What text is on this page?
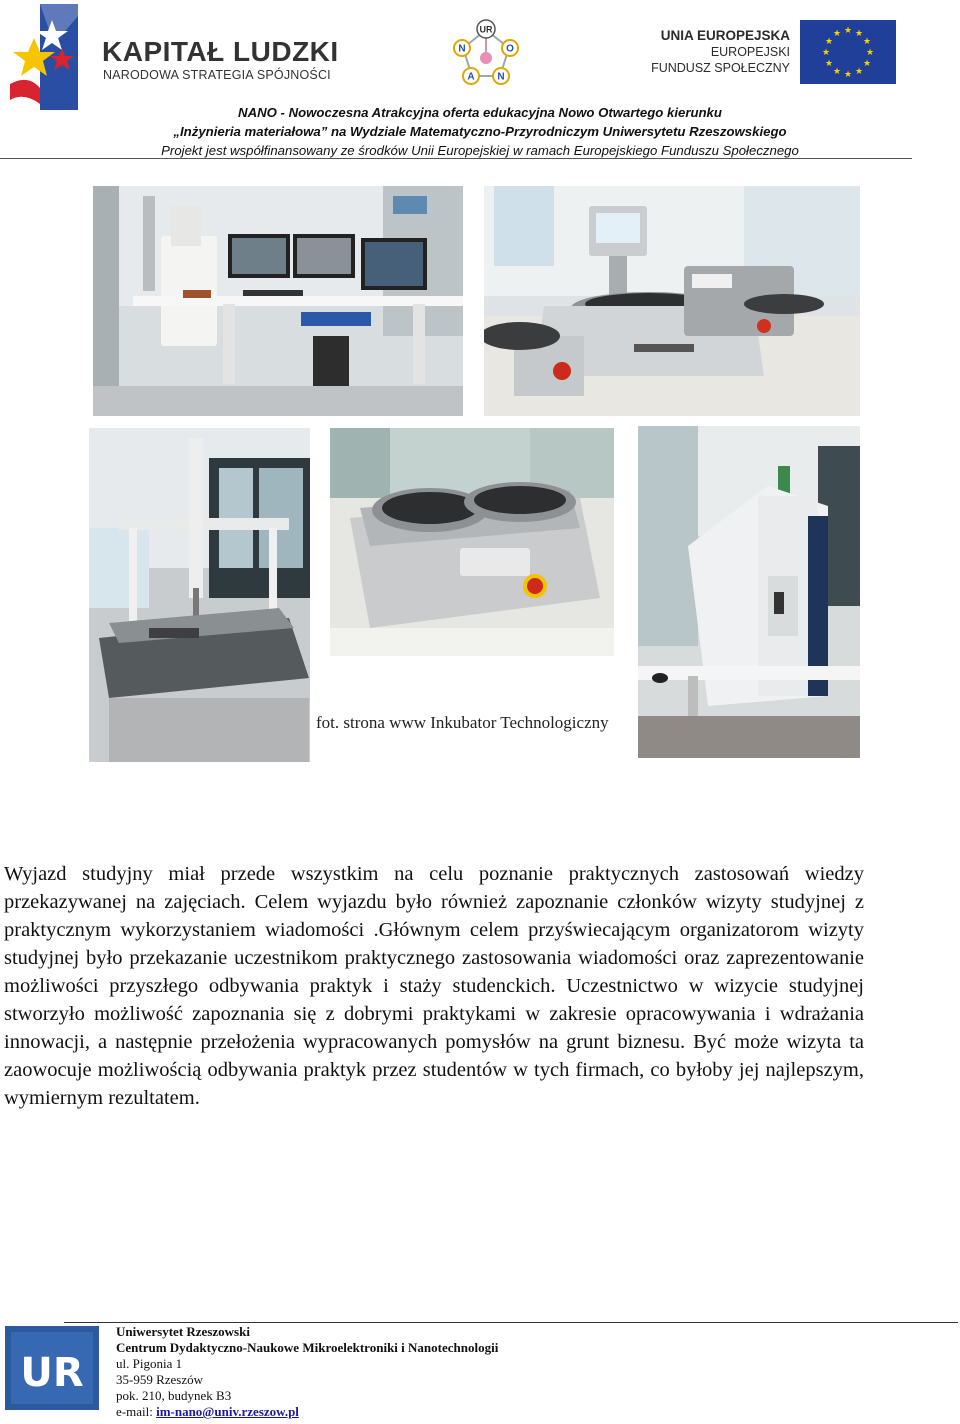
KAPITAŁ LUDZKI
NARODOWA STRATEGIA SPÓJNOŚCI
UR
N	O
A N
UNIA EUROPEJSKA
EUROPEJSKI
FUNDUSZ SPOŁECZNY
★ ★
★
★
★
★
★
★
★
★
★
★
NANO - Nowoczesna Atrakcyjna oferta edukacyjna Nowo Otwartego kierunku
„Inżynieria materiałowa” na Wydziale Matematyczno-Przyrodniczym Uniwersytetu Rzeszowskiego
Projekt jest współfinansowany ze środków Unii Europejskiej w ramach Europejskiego Funduszu Społecznego
fot. strona www Inkubator Technologiczny
Wyjazd studyjny miał przede wszystkim na celu poznanie praktycznych zastosowań wiedzy przekazywanej na zajęciach. Celem wyjazdu było również zapoznanie członków wizyty studyjnej z praktycznym wykorzystaniem wiadomości .Głównym celem przyświecającym organizatorom wizyty studyjnej było przekazanie uczestnikom praktycznego zastosowania wiadomości oraz zaprezentowanie możliwości przyszłego odbywania praktyk i staży studenckich. Uczestnictwo w wizycie studyjnej stworzyło możliwość zapoznania się z dobrymi praktykami w zakresie opracowywania i wdrażania innowacji, a następnie przełożenia wypracowanych pomysłów na grunt biznesu. Być może wizyta ta zaowocuje możliwością odbywania praktyk przez studentów w tych firmach, co byłoby jej najlepszym, wymiernym rezultatem.
UR
Uniwersytet Rzeszowski
Centrum Dydaktyczno-Naukowe Mikroelektroniki i Nanotechnologii
ul. Pigonia 1
35-959 Rzeszów
pok. 210, budynek B3
e-mail: im-nano@univ.rzeszow.pl
